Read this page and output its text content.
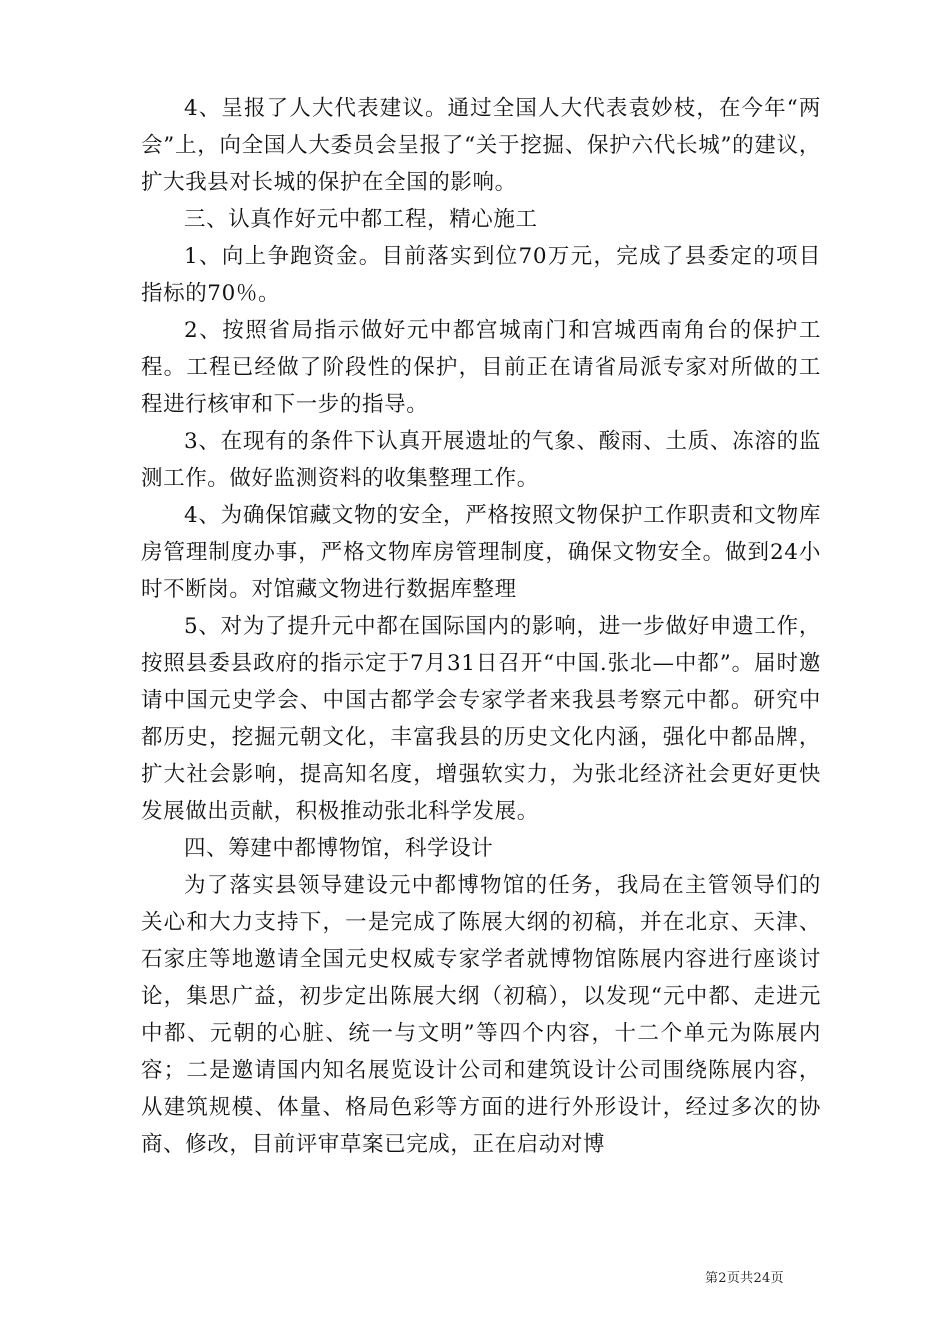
4、呈报了人大代表建议。通过全国人大代表袁妙枝，在今年“两会”上，向全国人大委员会呈报了“关于挖掘、保护六代长城”的建议，扩大我县对长城的保护在全国的影响。

三、认真作好元中都工程，精心施工

1、向上争跑资金。目前落实到位70万元，完成了县委定的项目指标的70％。

2、按照省局指示做好元中都宫城南门和宫城西南角台的保护工程。工程已经做了阶段性的保护，目前正在请省局派专家对所做的工程进行核审和下一步的指导。

3、在现有的条件下认真开展遗址的气象、酸雨、土质、冻溶的监测工作。做好监测资料的收集整理工作。

4、为确保馆藏文物的安全，严格按照文物保护工作职责和文物库房管理制度办事，严格文物库房管理制度，确保文物安全。做到24小时不断岗。对馆藏文物进行数据库整理

5、对为了提升元中都在国际国内的影响，进一步做好申遗工作，按照县委县政府的指示定于7月31日召开“中国.张北—中都”。届时邀请中国元史学会、中国古都学会专家学者来我县考察元中都。研究中都历史，挖掘元朝文化，丰富我县的历史文化内涵，强化中都品牌，扩大社会影响，提高知名度，增强软实力，为张北经济社会更好更快发展做出贡献，积极推动张北科学发展。

四、筹建中都博物馆，科学设计

为了落实县领导建设元中都博物馆的任务，我局在主管领导们的关心和大力支持下，一是完成了陈展大纲的初稿，并在北京、天津、石家庄等地邀请全国元史权威专家学者就博物馆陈展内容进行座谈讨论，集思广益，初步定出陈展大纲（初稿），以发现“元中都、走进元中都、元朝的心脏、统一与文明”等四个内容，十二个单元为陈展内容；二是邀请国内知名展览设计公司和建筑设计公司围绕陈展内容，从建筑规模、体量、格局色彩等方面的进行外形设计，经过多次的协商、修改，目前评审草案已完成，正在启动对博

第2页共24页
